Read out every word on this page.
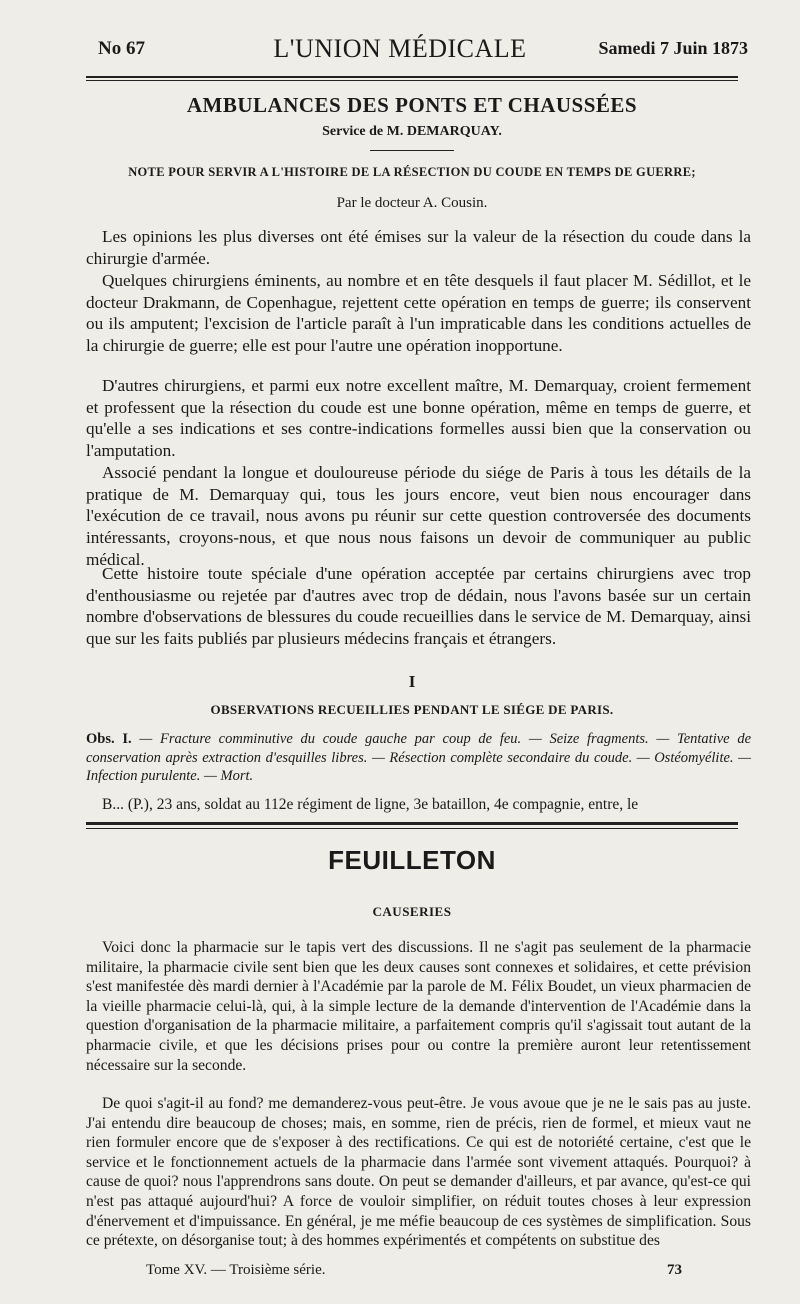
No 67	L'UNION MÉDICALE	Samedi 7 Juin 1873
AMBULANCES DES PONTS ET CHAUSSÉES
Service de M. DEMARQUAY.
NOTE POUR SERVIR A L'HISTOIRE DE LA RÉSECTION DU COUDE EN TEMPS DE GUERRE;
Par le docteur A. Cousin.

Les opinions les plus diverses ont été émises sur la valeur de la résection du coude dans la chirurgie d'armée.

Quelques chirurgiens éminents, au nombre et en tête desquels il faut placer M. Sédillot, et le docteur Drakmann, de Copenhague, rejettent cette opération en temps de guerre; ils conservent ou ils amputent; l'excision de l'article paraît à l'un impraticable dans les conditions actuelles de la chirurgie de guerre; elle est pour l'autre une opération inopportune.

D'autres chirurgiens, et parmi eux notre excellent maître, M. Demarquay, croient fermement et professent que la résection du coude est une bonne opération, même en temps de guerre, et qu'elle a ses indications et ses contre-indications formelles aussi bien que la conservation ou l'amputation.

Associé pendant la longue et douloureuse période du siége de Paris à tous les détails de la pratique de M. Demarquay qui, tous les jours encore, veut bien nous encourager dans l'exécution de ce travail, nous avons pu réunir sur cette question controversée des documents intéressants, croyons-nous, et que nous nous faisons un devoir de communiquer au public médical.

Cette histoire toute spéciale d'une opération acceptée par certains chirurgiens avec trop d'enthousiasme ou rejetée par d'autres avec trop de dédain, nous l'avons basée sur un certain nombre d'observations de blessures du coude recueillies dans le service de M. Demarquay, ainsi que sur les faits publiés par plusieurs médecins français et étrangers.

I
OBSERVATIONS RECUEILLIES PENDANT LE SIÉGE DE PARIS.

Obs. I. — Fracture comminutive du coude gauche par coup de feu. — Seize fragments. — Tentative de conservation après extraction d'esquilles libres. — Résection complète secondaire du coude. — Ostéomyélite. — Infection purulente. — Mort.

B... (P.), 23 ans, soldat au 112e régiment de ligne, 3e bataillon, 4e compagnie, entre, le

FEUILLETON
CAUSERIES

Voici donc la pharmacie sur le tapis vert des discussions. Il ne s'agit pas seulement de la pharmacie militaire, la pharmacie civile sent bien que les deux causes sont connexes et solidaires, et cette prévision s'est manifestée dès mardi dernier à l'Académie par la parole de M. Félix Boudet, un vieux pharmacien de la vieille pharmacie celui-là, qui, à la simple lecture de la demande d'intervention de l'Académie dans la question d'organisation de la pharmacie militaire, a parfaitement compris qu'il s'agissait tout autant de la pharmacie civile, et que les décisions prises pour ou contre la première auront leur retentissement nécessaire sur la seconde.

De quoi s'agit-il au fond? me demanderez-vous peut-être. Je vous avoue que je ne le sais pas au juste. J'ai entendu dire beaucoup de choses; mais, en somme, rien de précis, rien de formel, et mieux vaut ne rien formuler encore que de s'exposer à des rectifications. Ce qui est de notoriété certaine, c'est que le service et le fonctionnement actuels de la pharmacie dans l'armée sont vivement attaqués. Pourquoi? à cause de quoi? nous l'apprendrons sans doute. On peut se demander d'ailleurs, et par avance, qu'est-ce qui n'est pas attaqué aujourd'hui? A force de vouloir simplifier, on réduit toutes choses à leur expression d'énervement et d'impuissance. En général, je me méfie beaucoup de ces systèmes de simplification. Sous ce prétexte, on désorganise tout; à des hommes expérimentés et compétents on substitue des

Tome XV. — Troisième série.	73
